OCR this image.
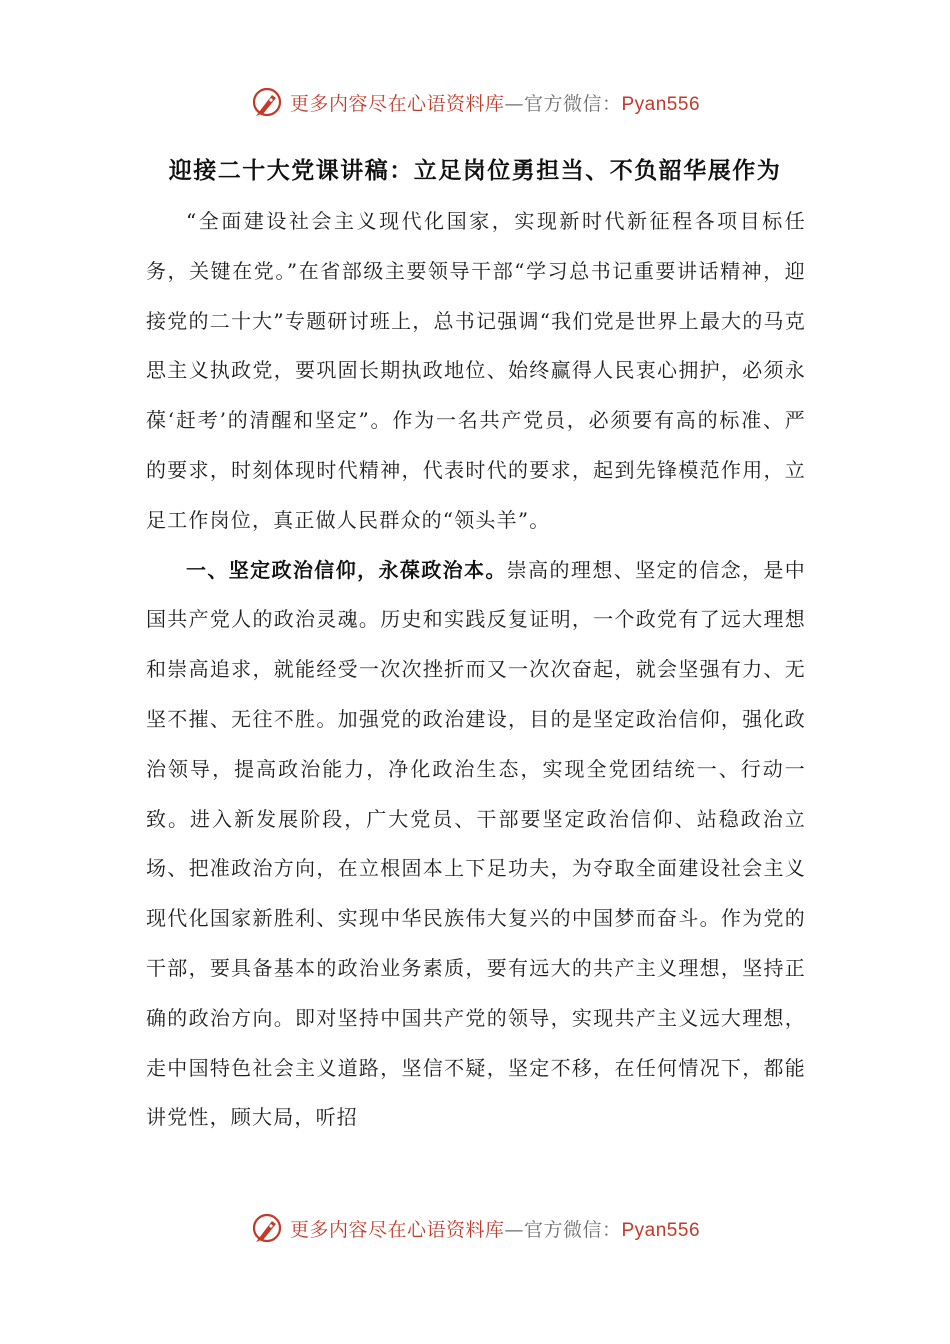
更多内容尽在心语资料库—官方微信：Pyan556
迎接二十大党课讲稿：立足岗位勇担当、不负韶华展作为

“全面建设社会主义现代化国家，实现新时代新征程各项目标任务，关键在党。”在省部级主要领导干部“学习总书记重要讲话精神，迎接党的二十大”专题研讨班上，总书记强调“我们党是世界上最大的马克思主义执政党，要巩固长期执政地位、始终赢得人民衷心拥护，必须永葆‘赶考’的清醒和坚定”。作为一名共产党员，必须要有高的标准、严的要求，时刻体现时代精神，代表时代的要求，起到先锋模范作用，立足工作岗位，真正做人民群众的“领头羊”。

一、坚定政治信仰，永葆政治本。崇高的理想、坚定的信念，是中国共产党人的政治灵魂。历史和实践反复证明，一个政党有了远大理想和崇高追求，就能经受一次次挫折而又一次次奋起，就会坚强有力、无坚不摧、无往不胜。加强党的政治建设，目的是坚定政治信仰，强化政治领导，提高政治能力，净化政治生态，实现全党团结统一、行动一致。进入新发展阶段，广大党员、干部要坚定政治信仰、站稳政治立场、把准政治方向，在立根固本上下足功夫，为夺取全面建设社会主义现代化国家新胜利、实现中华民族伟大复兴的中国梦而奋斗。作为党的干部，要具备基本的政治业务素质，要有远大的共产主义理想，坚持正确的政治方向。即对坚持中国共产党的领导，实现共产主义远大理想，走中国特色社会主义道路，坚信不疑，坚定不移，在任何情况下，都能讲党性，顾大局，听招

更多内容尽在心语资料库—官方微信：Pyan556
